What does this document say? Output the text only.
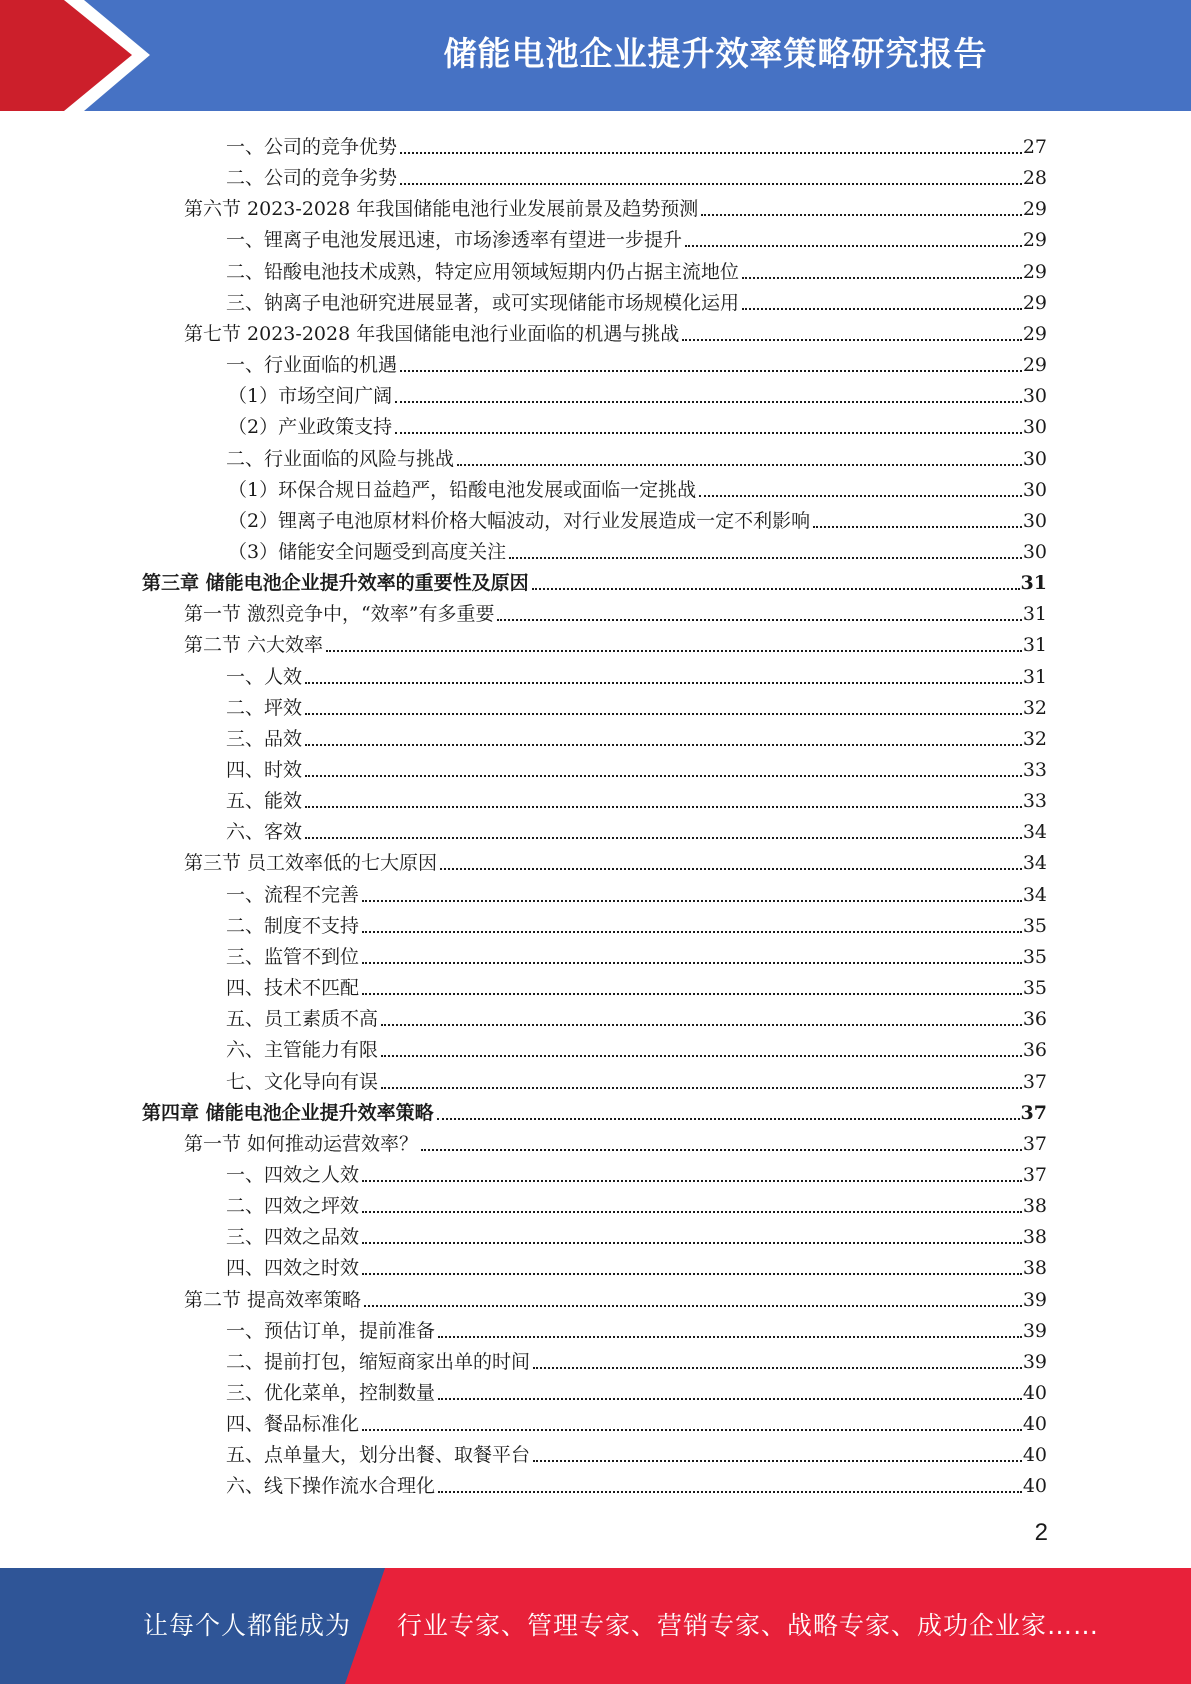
储能电池企业提升效率策略研究报告
一、公司的竞争优势	27
二、公司的竞争劣势	28
第六节 2023-2028 年我国储能电池行业发展前景及趋势预测	29
一、锂离子电池发展迅速，市场渗透率有望进一步提升	29
二、铅酸电池技术成熟，特定应用领域短期内仍占据主流地位	29
三、钠离子电池研究进展显著，或可实现储能市场规模化运用	29
第七节 2023-2028 年我国储能电池行业面临的机遇与挑战	29
一、行业面临的机遇	29
（1）市场空间广阔	30
（2）产业政策支持	30
二、行业面临的风险与挑战	30
（1）环保合规日益趋严，铅酸电池发展或面临一定挑战	30
（2）锂离子电池原材料价格大幅波动，对行业发展造成一定不利影响	30
（3）储能安全问题受到高度关注	30
第三章 储能电池企业提升效率的重要性及原因	31
第一节 激烈竞争中，“效率”有多重要	31
第二节 六大效率	31
一、人效	31
二、坪效	32
三、品效	32
四、时效	33
五、能效	33
六、客效	34
第三节 员工效率低的七大原因	34
一、流程不完善	34
二、制度不支持	35
三、监管不到位	35
四、技术不匹配	35
五、员工素质不高	36
六、主管能力有限	36
七、文化导向有误	37
第四章 储能电池企业提升效率策略	37
第一节 如何推动运营效率？	37
一、四效之人效	37
二、四效之坪效	38
三、四效之品效	38
四、四效之时效	38
第二节 提高效率策略	39
一、预估订单，提前准备	39
二、提前打包，缩短商家出单的时间	39
三、优化菜单，控制数量	40
四、餐品标准化	40
五、点单量大，划分出餐、取餐平台	40
六、线下操作流水合理化	40
2
让每个人都能成为 行业专家、管理专家、营销专家、战略专家、成功企业家……
